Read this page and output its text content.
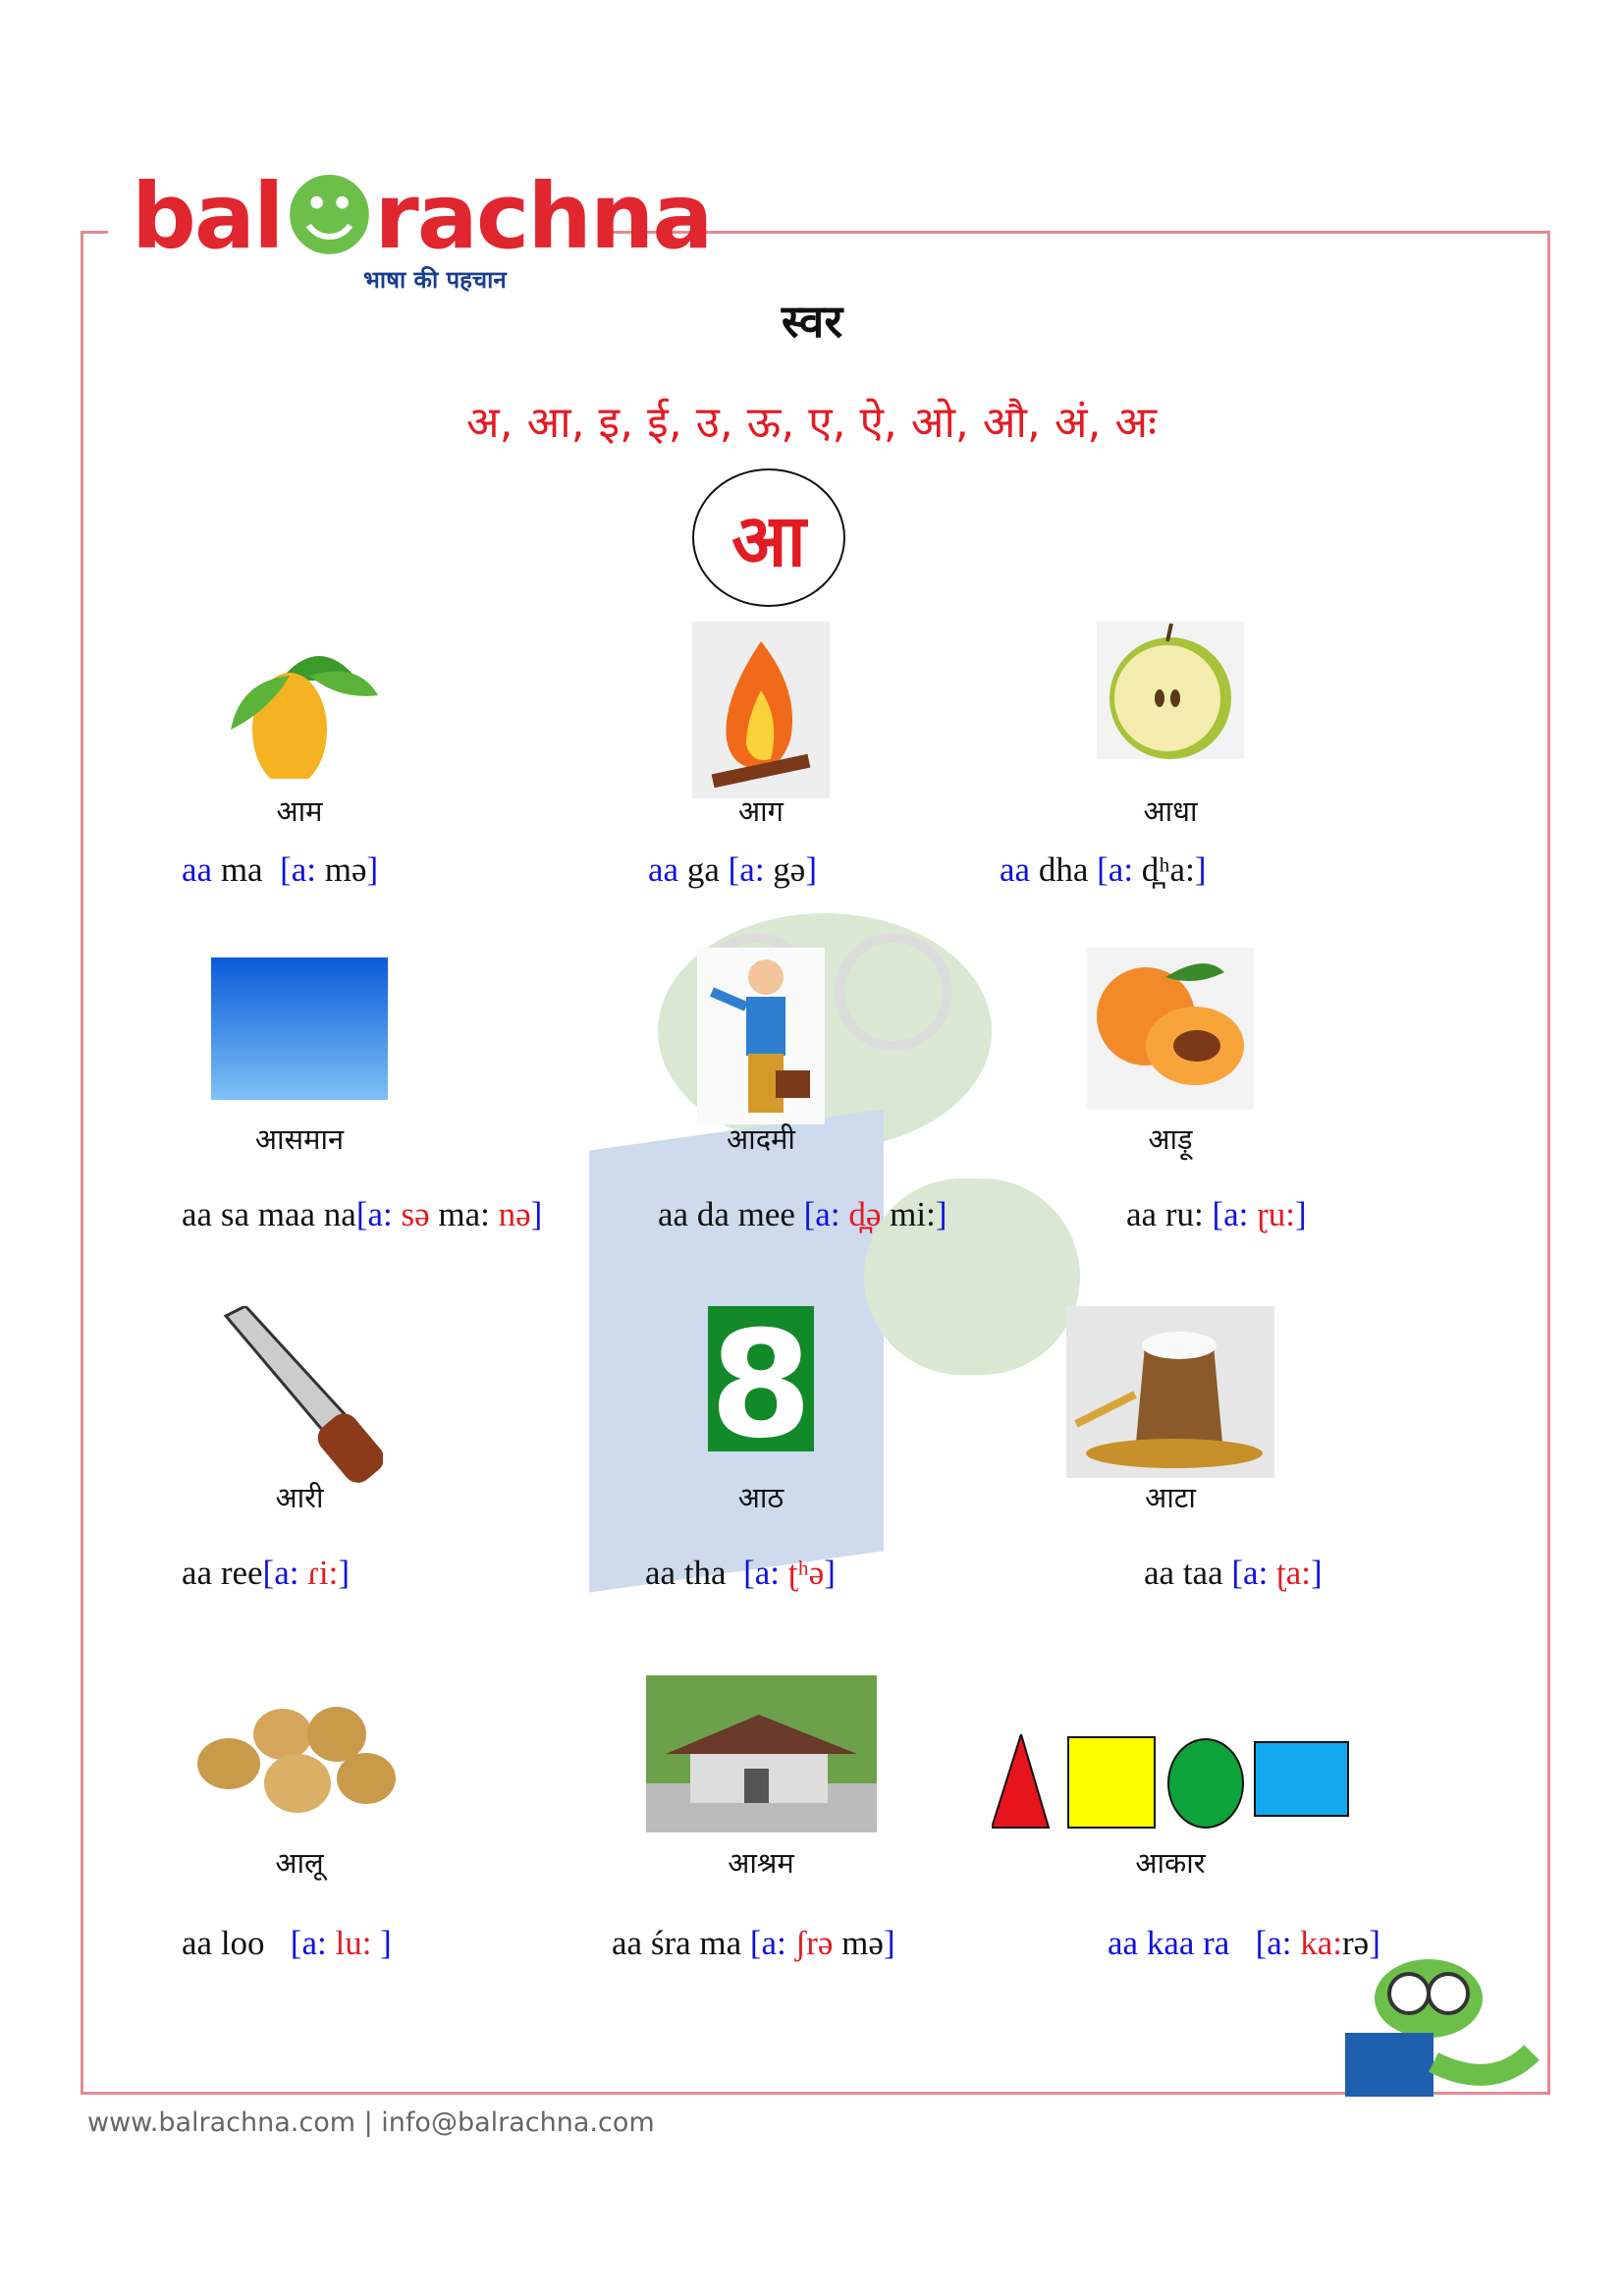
bal☻rachna
भाषा की पहचान
स्वर
अ, आ, इ, ई, उ, ऊ, ए, ऐ, ओ, औ, अं, अः
आ
आम
aa ma  [a: mə]
आग
aa ga [a: gə]
आधा
aa dha [a: d̪ʰa:]
आसमान
aa sa maa na[a: sə ma: nə]
आदमी
aa da mee [a: d̪ə mi:]
आड़ू
aa ru: [a: ɽu:]
आरी
aa ree[a: ɾi:]
8
आठ
aa tha  [a: ʈʰə]
आटा
aa taa [a: ʈa:]
आलू
aa loo   [a: lu: ]
आश्रम
aa śra ma [a: ʃrə mə]
आकार
aa kaa ra   [a: ka:rə]
www.balrachna.com | info@balrachna.com
